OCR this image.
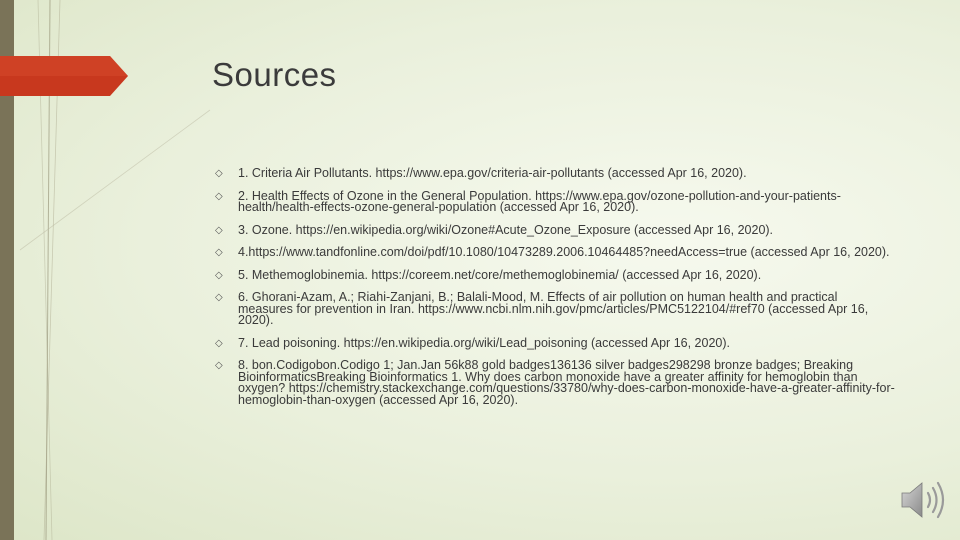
Sources
◇ 1. Criteria Air Pollutants. https://www.epa.gov/criteria-air-pollutants (accessed Apr 16, 2020).
◇ 2. Health Effects of Ozone in the General Population. https://www.epa.gov/ozone-pollution-and-your-patients-health/health-effects-ozone-general-population (accessed Apr 16, 2020).
◇ 3. Ozone. https://en.wikipedia.org/wiki/Ozone#Acute_Ozone_Exposure (accessed Apr 16, 2020).
◇ 4.https://www.tandfonline.com/doi/pdf/10.1080/10473289.2006.10464485?needAccess=true (accessed Apr 16, 2020).
◇ 5. Methemoglobinemia. https://coreem.net/core/methemoglobinemia/ (accessed Apr 16, 2020).
◇ 6. Ghorani-Azam, A.; Riahi-Zanjani, B.; Balali-Mood, M. Effects of air pollution on human health and practical measures for prevention in Iran. https://www.ncbi.nlm.nih.gov/pmc/articles/PMC5122104/#ref70 (accessed Apr 16, 2020).
◇ 7. Lead poisoning. https://en.wikipedia.org/wiki/Lead_poisoning (accessed Apr 16, 2020).
◇ 8. bon.Codigobon.Codigo 1; Jan.Jan 56k88 gold badges136136 silver badges298298 bronze badges; Breaking BioinformaticsBreaking Bioinformatics 1. Why does carbon monoxide have a greater affinity for hemoglobin than oxygen? https://chemistry.stackexchange.com/questions/33780/why-does-carbon-monoxide-have-a-greater-affinity-for-hemoglobin-than-oxygen (accessed Apr 16, 2020).
